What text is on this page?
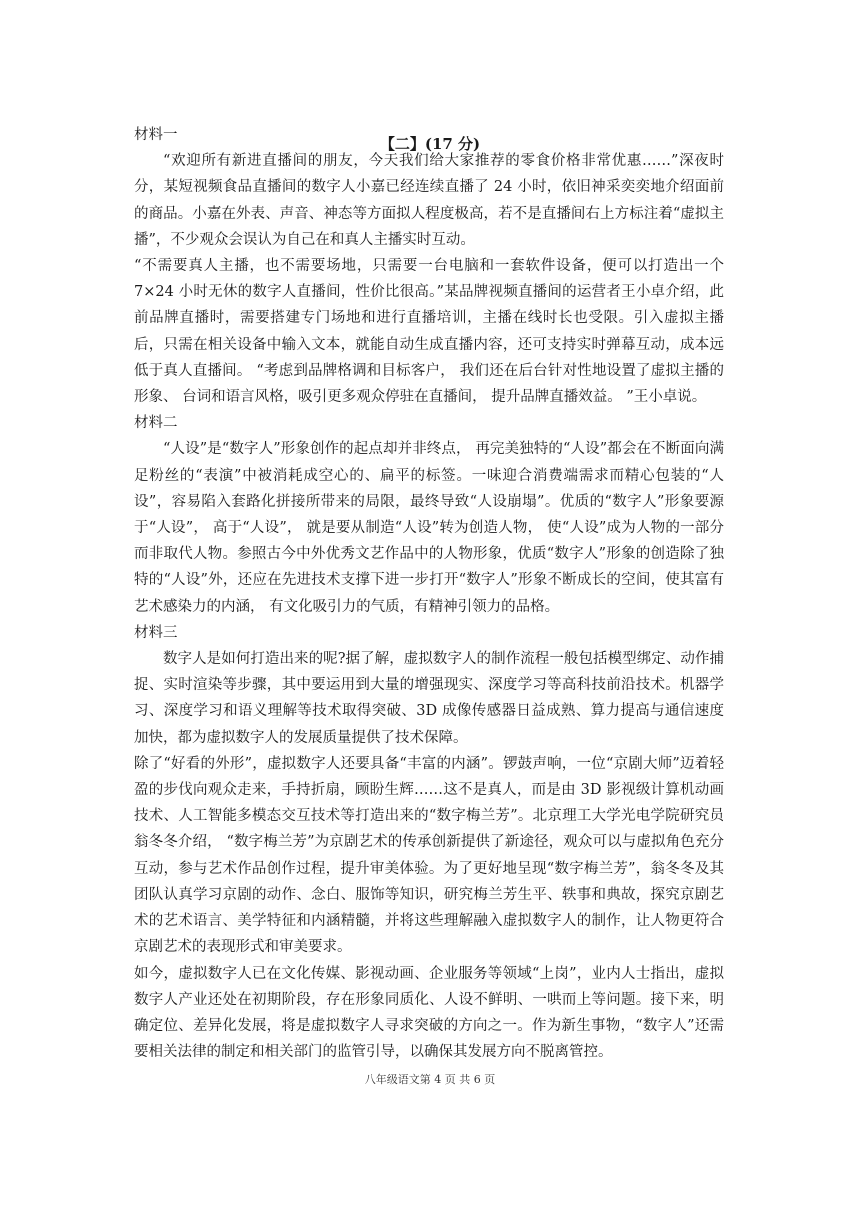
【二】(17 分)

材料一

“欢迎所有新进直播间的朋友，今天我们给大家推荐的零食价格非常优惠……”深夜时分，某短视频食品直播间的数字人小嘉已经连续直播了 24 小时，依旧神采奕奕地介绍面前的商品。小嘉在外表、声音、神态等方面拟人程度极高，若不是直播间右上方标注着“虚拟主播”，不少观众会误认为自己在和真人主播实时互动。

“不需要真人主播，也不需要场地，只需要一台电脑和一套软件设备，便可以打造出一个7×24 小时无休的数字人直播间，性价比很高。”某品牌视频直播间的运营者王小卓介绍，此前品牌直播时，需要搭建专门场地和进行直播培训，主播在线时长也受限。引入虚拟主播后，只需在相关设备中输入文本，就能自动生成直播内容，还可支持实时弹幕互动，成本远低于真人直播间。 “考虑到品牌格调和目标客户， 我们还在后台针对性地设置了虚拟主播的形象、 台词和语言风格，吸引更多观众停驻在直播间， 提升品牌直播效益。 ”王小卓说。

材料二

“人设”是“数字人”形象创作的起点却并非终点， 再完美独特的“人设”都会在不断面向满足粉丝的“表演”中被消耗成空心的、扁平的标签。一味迎合消费端需求而精心包装的“人设”，容易陷入套路化拼接所带来的局限，最终导致“人设崩塌”。优质的“数字人”形象要源于“人设”， 高于“人设”， 就是要从制造“人设”转为创造人物， 使“人设”成为人物的一部分而非取代人物。参照古今中外优秀文艺作品中的人物形象，优质“数字人”形象的创造除了独特的“人设”外，还应在先进技术支撑下进一步打开“数字人”形象不断成长的空间，使其富有艺术感染力的内涵， 有文化吸引力的气质，有精神引领力的品格。

材料三

数字人是如何打造出来的呢?据了解，虚拟数字人的制作流程一般包括模型绑定、动作捕捉、实时渲染等步骤，其中要运用到大量的增强现实、深度学习等高科技前沿技术。机器学习、深度学习和语义理解等技术取得突破、3D 成像传感器日益成熟、算力提高与通信速度加快，都为虚拟数字人的发展质量提供了技术保障。

除了“好看的外形”，虚拟数字人还要具备“丰富的内涵”。锣鼓声响，一位“京剧大师”迈着轻盈的步伐向观众走来，手持折扇，顾盼生辉……这不是真人，而是由 3D 影视级计算机动画技术、人工智能多模态交互技术等打造出来的“数字梅兰芳”。北京理工大学光电学院研究员翁冬冬介绍， “数字梅兰芳”为京剧艺术的传承创新提供了新途径，观众可以与虚拟角色充分互动，参与艺术作品创作过程，提升审美体验。为了更好地呈现“数字梅兰芳”，翁冬冬及其团队认真学习京剧的动作、念白、服饰等知识，研究梅兰芳生平、轶事和典故，探究京剧艺术的艺术语言、美学特征和内涵精髓，并将这些理解融入虚拟数字人的制作，让人物更符合京剧艺术的表现形式和审美要求。

如今，虚拟数字人已在文化传媒、影视动画、企业服务等领域“上岗”，业内人士指出，虚拟数字人产业还处在初期阶段，存在形象同质化、人设不鲜明、一哄而上等问题。接下来，明确定位、差异化发展，将是虚拟数字人寻求突破的方向之一。作为新生事物，“数字人”还需要相关法律的制定和相关部门的监管引导，以确保其发展方向不脱离管控。

八年级语文第 4 页 共 6 页
